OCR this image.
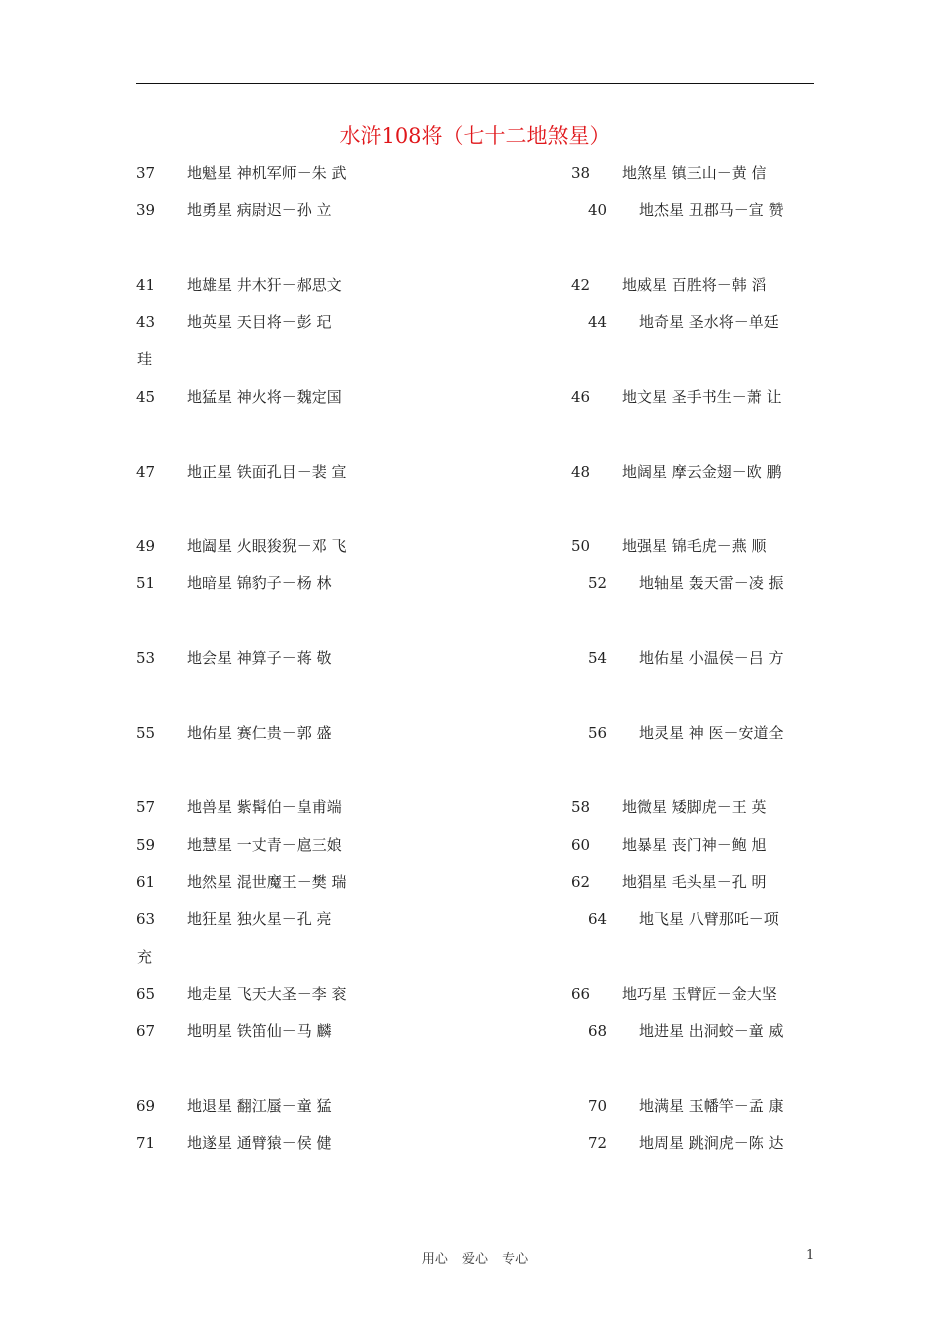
水浒108将（七十二地煞星）
37 地魁星 神机军师－朱 武	38 地煞星 镇三山－黄 信
39 地勇星 病尉迟－孙 立	40 地杰星 丑郡马－宣 赞
41 地雄星 井木犴－郝思文	42 地威星 百胜将－韩 滔
43 地英星 天目将－彭 玘	44 地奇星 圣水将－单廷
珪
45 地猛星 神火将－魏定国	46 地文星 圣手书生－萧 让
47 地正星 铁面孔目－裴 宣	48 地阔星 摩云金翅－欧 鹏
49 地阖星 火眼狻猊－邓 飞	50 地强星 锦毛虎－燕 顺
51 地暗星 锦豹子－杨 林	52 地轴星 轰天雷－凌 振
53 地会星 神算子－蒋 敬	54 地佑星 小温侯－吕 方
55 地佑星 赛仁贵－郭 盛	56 地灵星 神 医－安道全
57 地兽星 紫髯伯－皇甫端	58 地微星 矮脚虎－王 英
59 地慧星 一丈青－扈三娘	60 地暴星 丧门神－鲍 旭
61 地然星 混世魔王－樊 瑞	62 地猖星 毛头星－孔 明
63 地狂星 独火星－孔 亮	64 地飞星 八臂那吒－项
充
65 地走星 飞天大圣－李 衮	66 地巧星 玉臂匠－金大坚
67 地明星 铁笛仙－马 麟	68 地进星 出洞蛟－童 威
69 地退星 翻江蜃－童 猛	70 地满星 玉幡竿－孟 康
71 地遂星 通臂猿－侯 健	72 地周星 跳涧虎－陈 达
用心 爱心 专心	1
